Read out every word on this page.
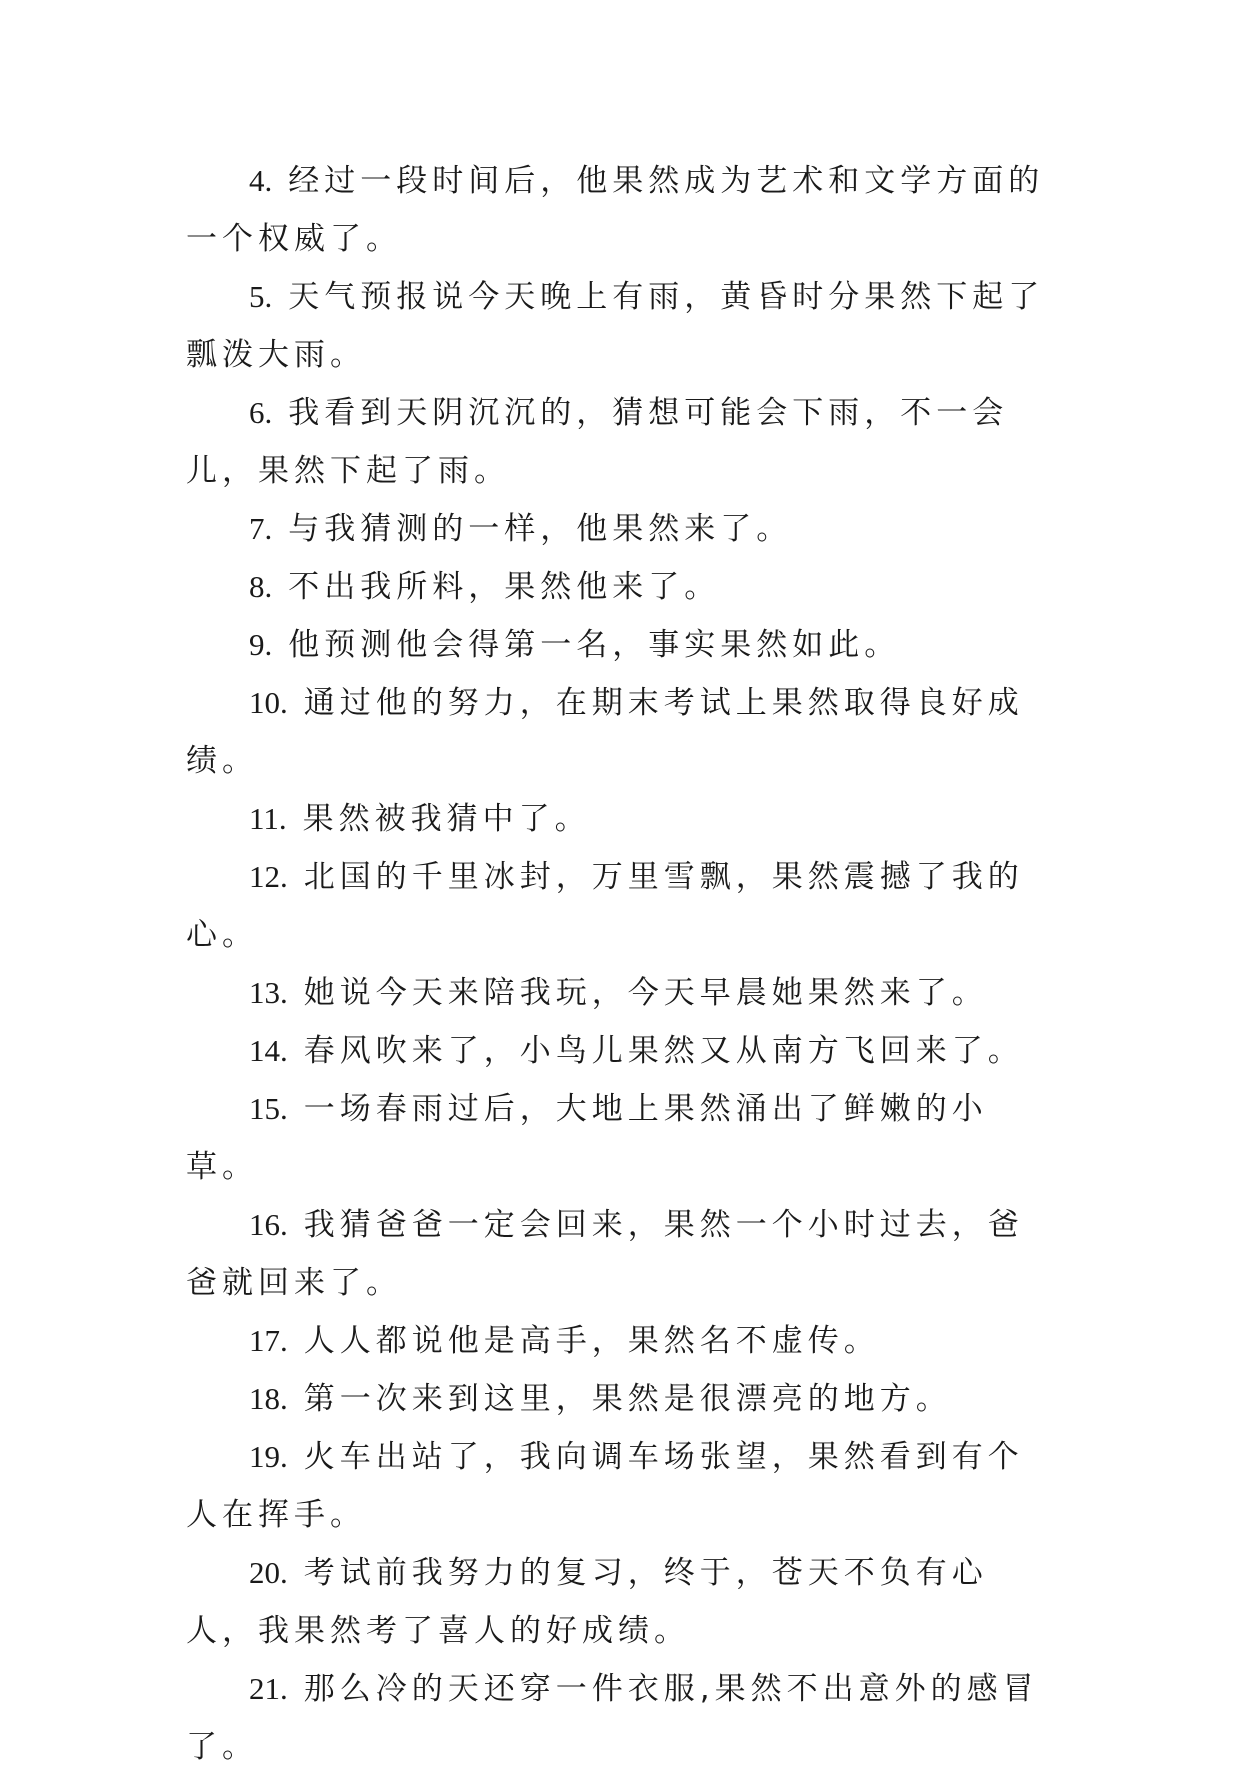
4. 经过一段时间后，他果然成为艺术和文学方面的一个权威了。

5. 天气预报说今天晚上有雨，黄昏时分果然下起了瓢泼大雨。

6. 我看到天阴沉沉的，猜想可能会下雨，不一会儿，果然下起了雨。

7. 与我猜测的一样，他果然来了。

8. 不出我所料，果然他来了。

9. 他预测他会得第一名，事实果然如此。

10. 通过他的努力，在期末考试上果然取得良好成绩。

11. 果然被我猜中了。

12. 北国的千里冰封，万里雪飘，果然震撼了我的心。

13. 她说今天来陪我玩，今天早晨她果然来了。

14. 春风吹来了，小鸟儿果然又从南方飞回来了。

15. 一场春雨过后，大地上果然涌出了鲜嫩的小草。

16. 我猜爸爸一定会回来，果然一个小时过去，爸爸就回来了。

17. 人人都说他是高手，果然名不虚传。

18. 第一次来到这里，果然是很漂亮的地方。

19. 火车出站了，我向调车场张望，果然看到有个人在挥手。

20. 考试前我努力的复习，终于，苍天不负有心人，我果然考了喜人的好成绩。

21. 那么冷的天还穿一件衣服,果然不出意外的感冒了。
